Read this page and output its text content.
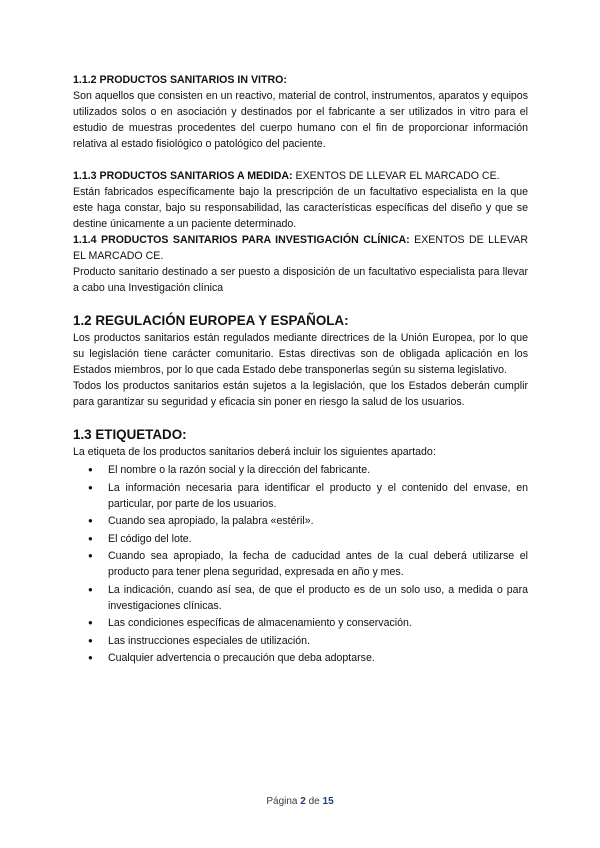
1.1.2 PRODUCTOS SANITARIOS IN VITRO:

Son aquellos que consisten en un reactivo, material de control, instrumentos, aparatos y equipos utilizados solos o en asociación y destinados por el fabricante a ser utilizados in vitro para el estudio de muestras procedentes del cuerpo humano con el fin de proporcionar información relativa al estado fisiológico o patológico del paciente.

1.1.3 PRODUCTOS SANITARIOS A MEDIDA: EXENTOS DE LLEVAR EL MARCADO CE.

Están fabricados específicamente bajo la prescripción de un facultativo especialista en la que este haga constar, bajo su responsabilidad, las características específicas del diseño y que se destine únicamente a un paciente determinado.

1.1.4 PRODUCTOS SANITARIOS PARA INVESTIGACIÓN CLÍNICA: EXENTOS DE LLEVAR EL MARCADO CE.

Producto sanitario destinado a ser puesto a disposición de un facultativo especialista para llevar a cabo una Investigación clínica

1.2 REGULACIÓN EUROPEA Y ESPAÑOLA:

Los productos sanitarios están regulados mediante directrices de la Unión Europea, por lo que su legislación tiene carácter comunitario. Estas directivas son de obligada aplicación en los Estados miembros, por lo que cada Estado debe transponerlas según su sistema legislativo.

Todos los productos sanitarios están sujetos a la legislación, que los Estados deberán cumplir para garantizar su seguridad y eficacia sin poner en riesgo la salud de los usuarios.

1.3 ETIQUETADO:

La etiqueta de los productos sanitarios deberá incluir los siguientes apartado:

● El nombre o la razón social y la dirección del fabricante.
● La información necesaria para identificar el producto y el contenido del envase, en particular, por parte de los usuarios.
● Cuando sea apropiado, la palabra «estéril».
● El código del lote.
● Cuando sea apropiado, la fecha de caducidad antes de la cual deberá utilizarse el producto para tener plena seguridad, expresada en año y mes.
● La indicación, cuando así sea, de que el producto es de un solo uso, a medida o para investigaciones clínicas.
● Las condiciones específicas de almacenamiento y conservación.
● Las instrucciones especiales de utilización.
● Cualquier advertencia o precaución que deba adoptarse.
Página 2 de 15
